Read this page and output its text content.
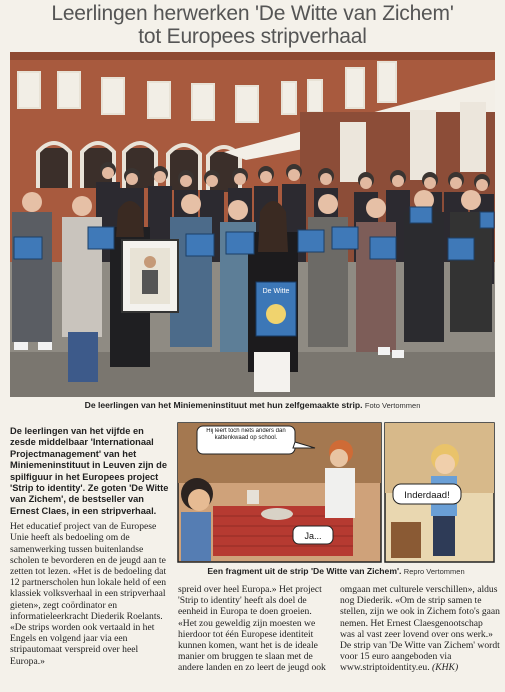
Leerlingen herwerken 'De Witte van Zichem'
tot Europees stripverhaal
De Witte
De leerlingen van het Miniemeninstituut met hun zelfgemaakte strip. Foto Vertommen

De leerlingen van het vijfde en zesde middelbaar 'Internationaal Projectmanagement' van het Miniemeninstituut in Leuven zijn de spilfiguur in het Europees project 'Strip to identity'. Ze goten 'De Witte van Zichem', de bestseller van Ernest Claes, in een stripverhaal.

Het educatief project van de Europese Unie heeft als bedoeling om de samenwerking tussen buitenlandse scholen te bevorderen en de jeugd aan te zetten tot lezen. «Het is de bedoeling dat 12 partnerscholen hun lokale held of een klassiek volksverhaal in een stripverhaal gieten», zegt coördinator en informatieleerkracht Diederik Roelants. «De strips worden ook vertaald in het Engels en volgend jaar via een stripautomaat verspreid over heel Europa.»

Hij leert toch niets anders dan kattenkwaad op school.
Ja...
Inderdaad!
Een fragment uit de strip 'De Witte van Zichem'. Repro Vertommen

spreid over heel Europa.» Het project 'Strip to identity' heeft als doel de eenheid in Europa te doen groeien. «Het zou geweldig zijn moesten we hierdoor tot één Europese identiteit kunnen komen, want het is de ideale manier om bruggen te slaan met de andere landen en zo leert de jeugd ook

omgaan met culturele verschillen», aldus nog Diederik. «Om de strip samen te stellen, zijn we ook in Zichem foto's gaan nemen. Het Ernest Claesgenootschap was al vast zeer lovend over ons werk.» De strip van 'De Witte van Zichem' wordt voor 15 euro aangeboden via www.striptoidentity.eu. (KHK)
